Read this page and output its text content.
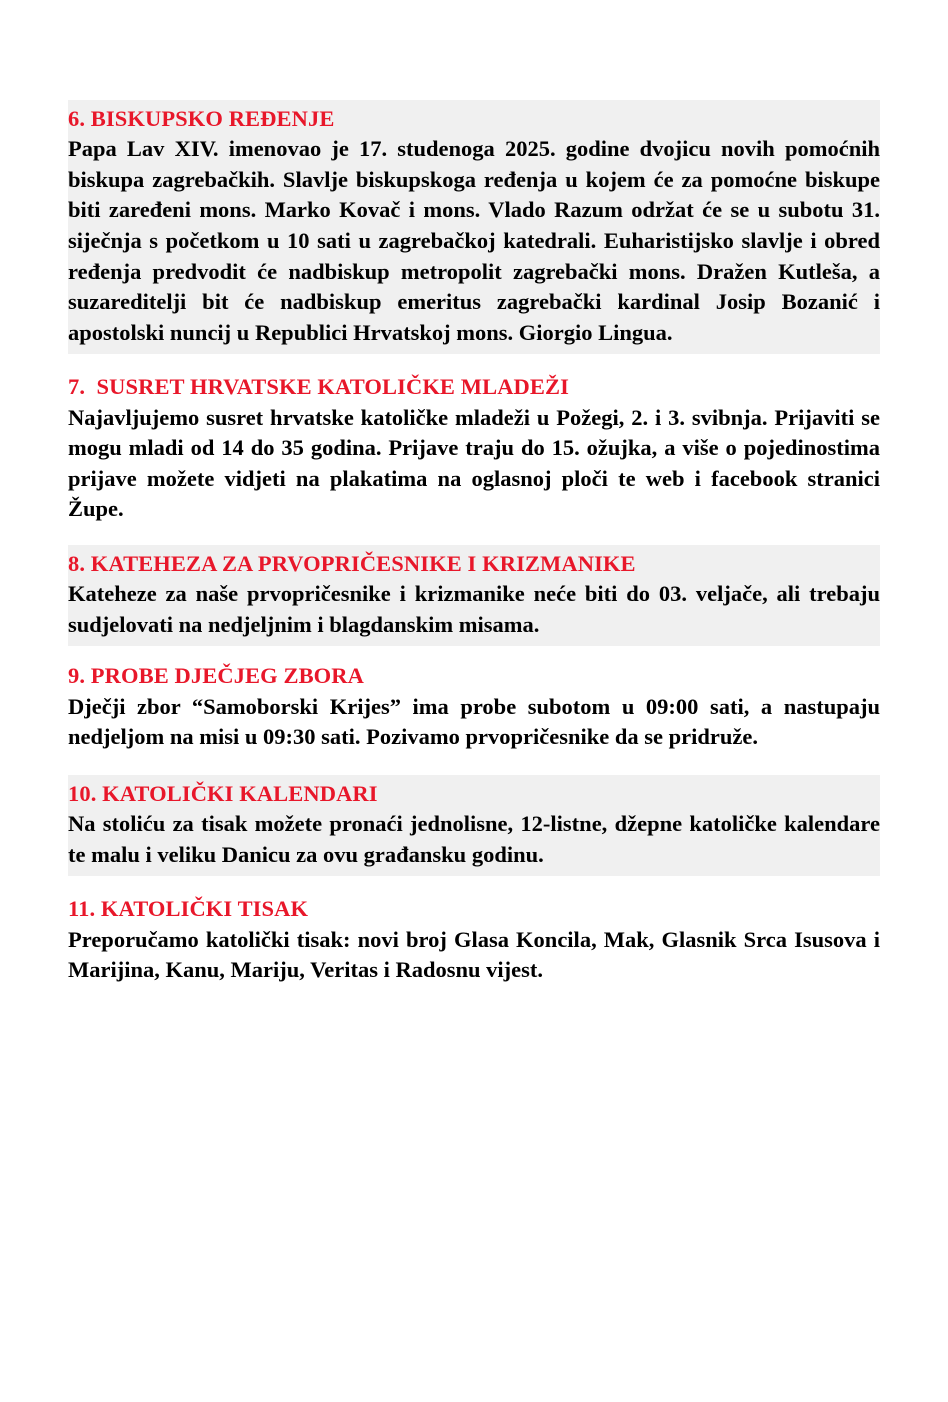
6. BISKUPSKO REĐENJE

Papa Lav XIV. imenovao je 17. studenoga 2025. godine dvojicu novih pomoćnih biskupa zagrebačkih. Slavlje biskupskoga ređenja u kojem će za pomoćne biskupe biti zaređeni mons. Marko Kovač i mons. Vlado Razum održat će se u subotu 31. siječnja s početkom u 10 sati u zagrebačkoj katedrali. Euharistijsko slavlje i obred ređenja predvodit će nadbiskup metropolit zagrebački mons. Dražen Kutleša, a suzareditelji bit će nadbiskup emeritus zagrebački kardinal Josip Bozanić i apostolski nuncij u Republici Hrvatskoj mons. Giorgio Lingua.

7.  SUSRET HRVATSKE KATOLIČKE MLADEŽI

Najavljujemo susret hrvatske katoličke mladeži u Požegi, 2. i 3. svibnja. Prijaviti se mogu mladi od 14 do 35 godina. Prijave traju do 15. ožujka, a više o pojedinostima prijave možete vidjeti na plakatima na oglasnoj ploči te web i facebook stranici Župe.

8. KATEHEZA ZA PRVOPRIČESNIKE I KRIZMANIKE

Kateheze za naše prvopričesnike i krizmanike neće biti do 03. veljače, ali trebaju sudjelovati na nedjeljnim i blagdanskim misama.

9. PROBE DJEČJEG ZBORA

Dječji zbor “Samoborski Krijes” ima probe subotom u 09:00 sati, a nastupaju nedjeljom na misi u 09:30 sati. Pozivamo prvopričesnike da se pridruže.

10. KATOLIČKI KALENDARI

Na stoliću za tisak možete pronaći jednolisne, 12-listne, džepne katoličke kalendare te malu i veliku Danicu za ovu građansku godinu.

11. KATOLIČKI TISAK

Preporučamo katolički tisak: novi broj Glasa Koncila, Mak, Glasnik Srca Isusova i Marijina, Kanu, Mariju, Veritas i Radosnu vijest.
